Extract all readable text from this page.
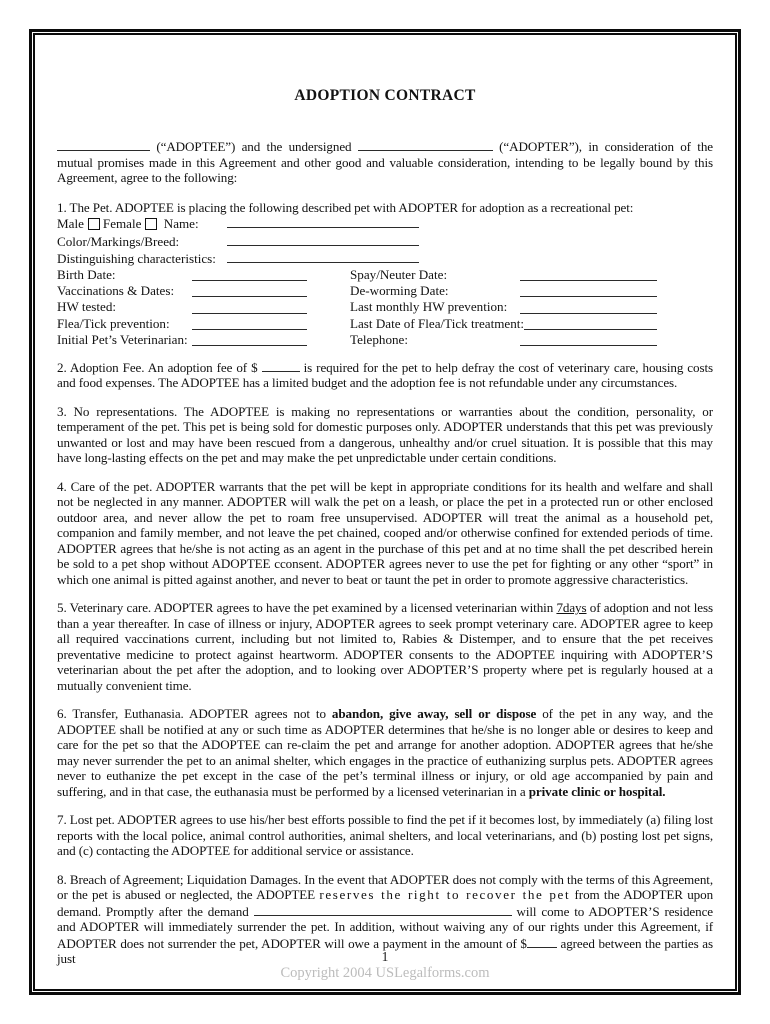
ADOPTION CONTRACT

(“ADOPTEE”) and the undersigned	(“ADOPTER”), in consideration of the mutual promises made in this Agreement and other good and valuable consideration, intending to be legally bound by this Agreement, agree to the following:

1. The Pet. ADOPTEE is placing the following described pet with ADOPTER for adoption as a recreational pet:
Male Female Name:
Color/Markings/Breed:
Distinguishing characteristics:
Birth Date:	Spay/Neuter Date:
Vaccinations & Dates:	De-worming Date:
HW tested:	Last monthly HW prevention:
Flea/Tick prevention:	Last Date of Flea/Tick treatment:
Initial Pet’s Veterinarian:	Telephone:

2. Adoption Fee. An adoption fee of $	is required for the pet to help defray the cost of veterinary care, housing costs and food expenses. The ADOPTEE has a limited budget and the adoption fee is not refundable under any circumstances.

3. No representations. The ADOPTEE is making no representations or warranties about the condition, personality, or temperament of the pet. This pet is being sold for domestic purposes only. ADOPTER understands that this pet was previously unwanted or lost and may have been rescued from a dangerous, unhealthy and/or cruel situation. It is possible that this may have long-lasting effects on the pet and may make the pet unpredictable under certain conditions.

4. Care of the pet. ADOPTER warrants that the pet will be kept in appropriate conditions for its health and welfare and shall not be neglected in any manner. ADOPTER will walk the pet on a leash, or place the pet in a protected run or other enclosed outdoor area, and never allow the pet to roam free unsupervised. ADOPTER will treat the animal as a household pet, companion and family member, and not leave the pet chained, cooped and/or otherwise confined for extended periods of time. ADOPTER agrees that he/she is not acting as an agent in the purchase of this pet and at no time shall the pet described herein be sold to a pet shop without ADOPTEE cconsent. ADOPTER agrees never to use the pet for fighting or any other “sport” in which one animal is pitted against another, and never to beat or taunt the pet in order to promote aggressive characteristics.

5. Veterinary care. ADOPTER agrees to have the pet examined by a licensed veterinarian within 7days of adoption and not less than a year thereafter. In case of illness or injury, ADOPTER agrees to seek prompt veterinary care. ADOPTER agree to keep all required vaccinations current, including but not limited to, Rabies & Distemper, and to ensure that the pet receives preventative medicine to protect against heartworm. ADOPTER consents to the ADOPTEE inquiring with ADOPTER’S veterinarian about the pet after the adoption, and to looking over ADOPTER’S property where pet is regularly housed at a mutually convenient time.

6. Transfer, Euthanasia. ADOPTER agrees not to abandon, give away, sell or dispose of the pet in any way, and the ADOPTEE shall be notified at any or such time as ADOPTER determines that he/she is no longer able or desires to keep and care for the pet so that the ADOPTEE can re-claim the pet and arrange for another adoption. ADOPTER agrees that he/she may never surrender the pet to an animal shelter, which engages in the practice of euthanizing surplus pets. ADOPTER agrees never to euthanize the pet except in the case of the pet’s terminal illness or injury, or old age accompanied by pain and suffering, and in that case, the euthanasia must be performed by a licensed veterinarian in a private clinic or hospital.

7. Lost pet. ADOPTER agrees to use his/her best efforts possible to find the pet if it becomes lost, by immediately (a) filing lost reports with the local police, animal control authorities, animal shelters, and local veterinarians, and (b) posting lost pet signs, and (c) contacting the ADOPTEE for additional service or assistance.

8. Breach of Agreement; Liquidation Damages. In the event that ADOPTER does not comply with the terms of this Agreement, or the pet is abused or neglected, the ADOPTEE reserves the right to recover the pet from the ADOPTER upon demand. Promptly after the demand	will come to ADOPTER’S residence and ADOPTER will immediately surrender the pet. In addition, without waiving any of our rights under this Agreement, if ADOPTER does not surrender the pet, ADOPTER will owe a payment in the amount of $ agreed between the parties as just	1
Copyright 2004 USLegalforms.com
